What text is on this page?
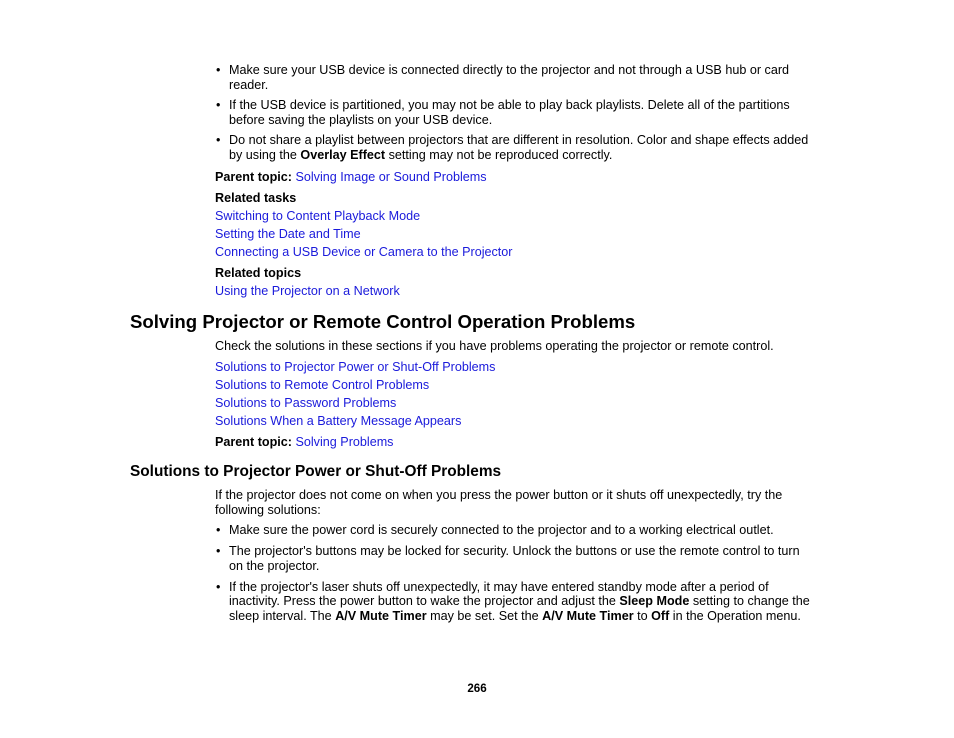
• Make sure your USB device is connected directly to the projector and not through a USB hub or card reader.
• If the USB device is partitioned, you may not be able to play back playlists. Delete all of the partitions before saving the playlists on your USB device.
• Do not share a playlist between projectors that are different in resolution. Color and shape effects added by using the Overlay Effect setting may not be reproduced correctly.
Parent topic: Solving Image or Sound Problems
Related tasks
Switching to Content Playback Mode
Setting the Date and Time
Connecting a USB Device or Camera to the Projector
Related topics
Using the Projector on a Network
Solving Projector or Remote Control Operation Problems
Check the solutions in these sections if you have problems operating the projector or remote control.
Solutions to Projector Power or Shut-Off Problems
Solutions to Remote Control Problems
Solutions to Password Problems
Solutions When a Battery Message Appears
Parent topic: Solving Problems
Solutions to Projector Power or Shut-Off Problems
If the projector does not come on when you press the power button or it shuts off unexpectedly, try the following solutions:
• Make sure the power cord is securely connected to the projector and to a working electrical outlet.
• The projector's buttons may be locked for security. Unlock the buttons or use the remote control to turn on the projector.
• If the projector's laser shuts off unexpectedly, it may have entered standby mode after a period of inactivity. Press the power button to wake the projector and adjust the Sleep Mode setting to change the sleep interval. The A/V Mute Timer may be set. Set the A/V Mute Timer to Off in the Operation menu.
266
